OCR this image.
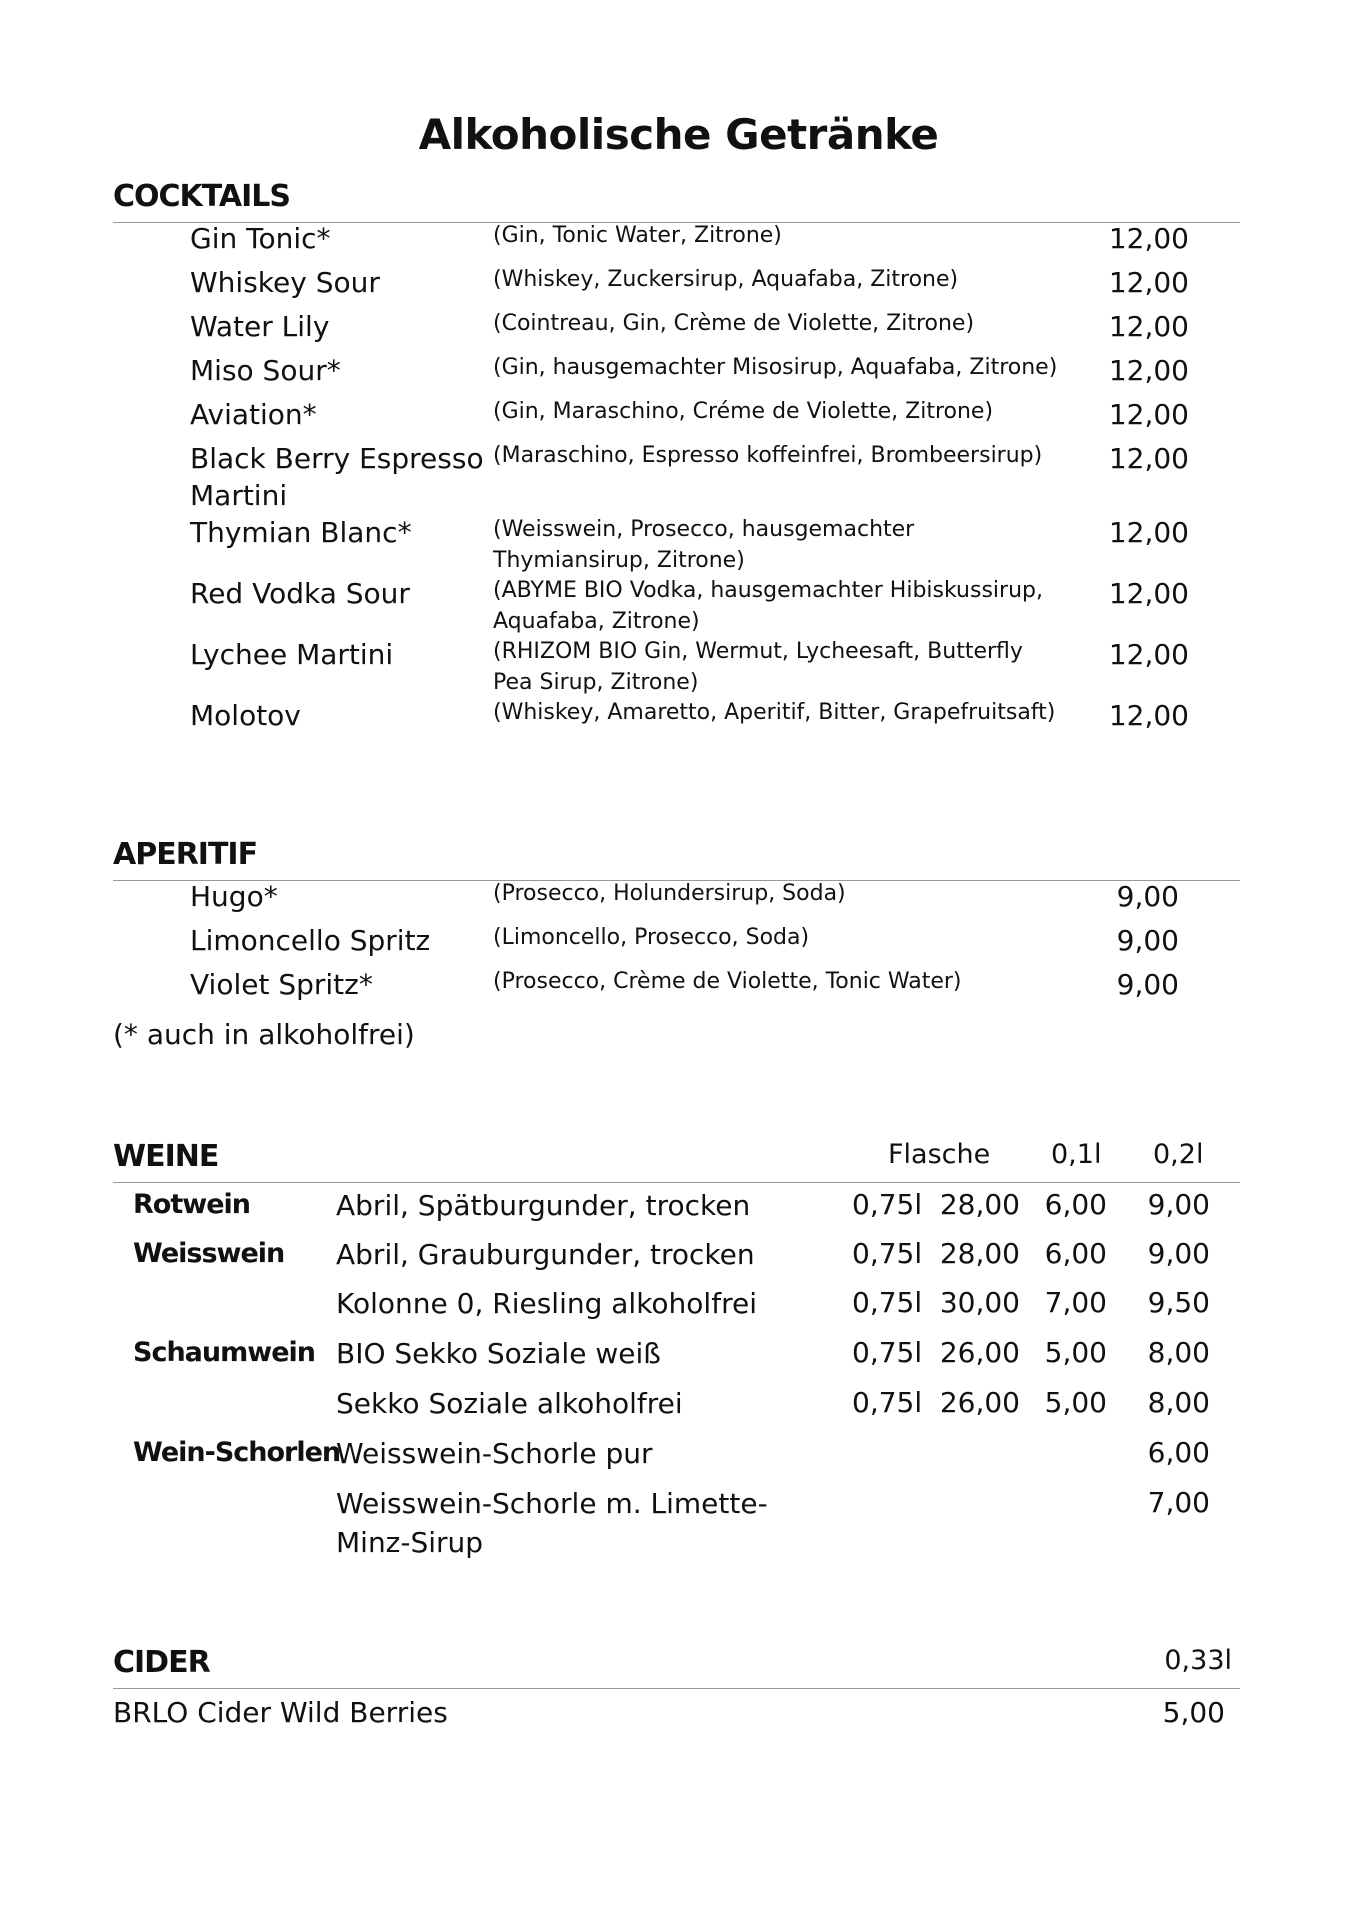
Alkoholische Getränke
COCKTAILS
Gin Tonic*	(Gin, Tonic Water, Zitrone)	12,00
Whiskey Sour	(Whiskey, Zuckersirup, Aquafaba, Zitrone)	12,00
Water Lily	(Cointreau, Gin, Crème de Violette, Zitrone)	12,00
Miso Sour*	(Gin, hausgemachter Misosirup, Aquafaba, Zitrone) 12,00
Aviation*	(Gin, Maraschino, Créme de Violette, Zitrone)	12,00
Black Berry Espresso Martini
(Maraschino, Espresso koffeinfrei, Brombeersirup)	12,00
Thymian Blanc*	(Weisswein, Prosecco, hausgemachter Thymiansirup, Zitrone)
12,00
Red Vodka Sour	(ABYME BIO Vodka, hausgemachter Hibiskussirup, Aquafaba, Zitrone)
12,00
Lychee Martini	(RHIZOM BIO Gin, Wermut, Lycheesaft, Butterfly Pea Sirup, Zitrone)
12,00
Molotov	(Whiskey, Amaretto, Aperitif, Bitter, Grapefruitsaft) 12,00
APERITIF
Hugo*	(Prosecco, Holundersirup, Soda)	9,00
Limoncello Spritz	(Limoncello, Prosecco, Soda)	9,00
Violet Spritz*	(Prosecco, Crème de Violette, Tonic Water)	9,00
(* auch in alkoholfrei)
WEINE	Flasche 0,1l 0,2l
Rotwein	Abril, Spätburgunder, trocken	0,75l 28,00 6,00 9,00
Weisswein Abril, Grauburgunder, trocken	0,75l 28,00 6,00 9,00
Kolonne 0, Riesling alkoholfrei	0,75l 30,00 7,00 9,50
Schaumwein BIO Sekko Soziale weiß	0,75l 26,00 5,00 8,00
Sekko Soziale alkoholfrei	0,75l 26,00 5,00 8,00
Wein-Schorlen
Weisswein-Schorle pur	6,00
Weisswein-Schorle m. Limette-Minz-Sirup
7,00
CIDER	0,33l
BRLO Cider Wild Berries	5,00
